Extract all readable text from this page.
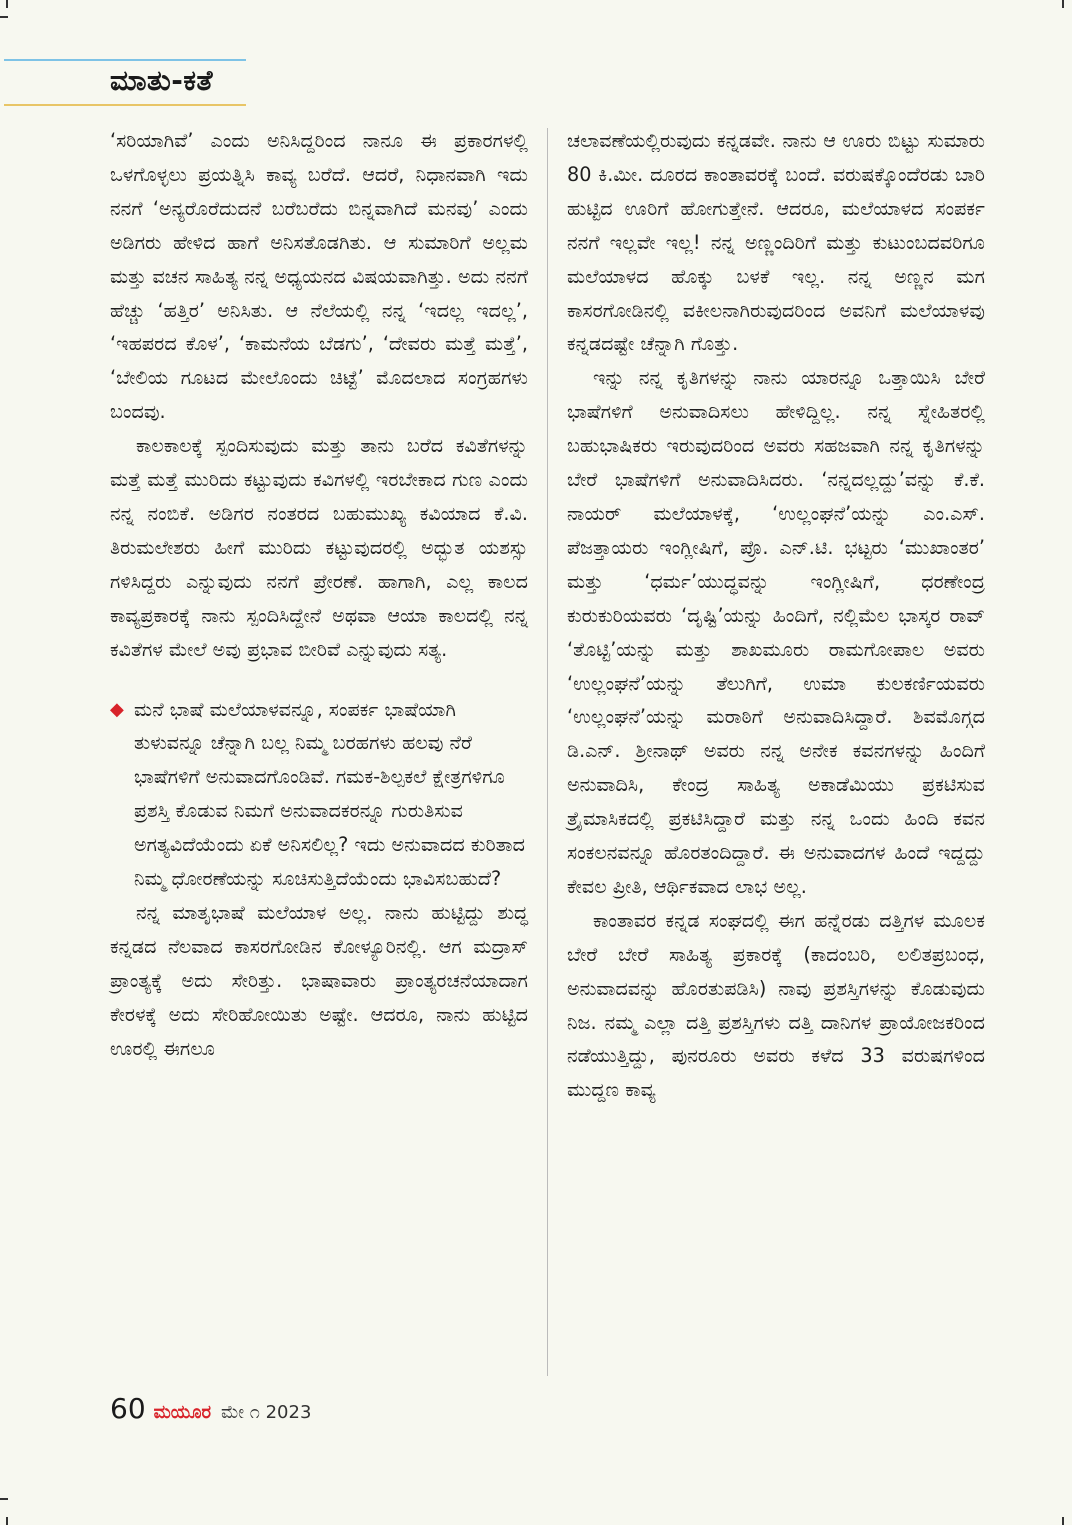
ಮಾತು-ಕತೆ

‘ಸರಿಯಾಗಿವೆ’ ಎಂದು ಅನಿಸಿದ್ದರಿಂದ ನಾನೂ ಈ ಪ್ರಕಾರಗಳಲ್ಲಿ ಒಳಗೊಳ್ಳಲು ಪ್ರಯತ್ನಿಸಿ ಕಾವ್ಯ ಬರೆದೆ. ಆದರೆ, ನಿಧಾನವಾಗಿ ಇದು ನನಗೆ ‘ಅನ್ಯರೊರೆದುದನೆ ಬರೆಬರೆದು ಬಿನ್ನವಾಗಿದೆ ಮನವು’ ಎಂದು ಅಡಿಗರು ಹೇಳಿದ ಹಾಗೆ ಅನಿಸತೊಡಗಿತು. ಆ ಸುಮಾರಿಗೆ ಅಲ್ಲಮ ಮತ್ತು ವಚನ ಸಾಹಿತ್ಯ ನನ್ನ ಅಧ್ಯಯನದ ವಿಷಯವಾಗಿತ್ತು. ಅದು ನನಗೆ ಹೆಚ್ಚು ‘ಹತ್ತಿರ’ ಅನಿಸಿತು. ಆ ನೆಲೆಯಲ್ಲಿ ನನ್ನ ‘ಇದಲ್ಲ ಇದಲ್ಲ’, ‘ಇಹಪರದ ಕೊಳ’, ‘ಕಾಮನೆಯ ಬೆಡಗು’, ‘ದೇವರು ಮತ್ತೆ ಮತ್ತೆ’, ‘ಬೇಲಿಯ ಗೂಟದ ಮೇಲೊಂದು ಚಿಟ್ಟೆ’ ಮೊದಲಾದ ಸಂಗ್ರಹಗಳು ಬಂದವು.

ಕಾಲಕಾಲಕ್ಕೆ ಸ್ಪಂದಿಸುವುದು ಮತ್ತು ತಾನು ಬರೆದ ಕವಿತೆಗಳನ್ನು ಮತ್ತೆ ಮತ್ತೆ ಮುರಿದು ಕಟ್ಟುವುದು ಕವಿಗಳಲ್ಲಿ ಇರಬೇಕಾದ ಗುಣ ಎಂದು ನನ್ನ ನಂಬಿಕೆ. ಅಡಿಗರ ನಂತರದ ಬಹುಮುಖ್ಯ ಕವಿಯಾದ ಕೆ.ವಿ. ತಿರುಮಲೇಶರು ಹೀಗೆ ಮುರಿದು ಕಟ್ಟುವುದರಲ್ಲಿ ಅದ್ಭುತ ಯಶಸ್ಸು ಗಳಿಸಿದ್ದರು ಎನ್ನುವುದು ನನಗೆ ಪ್ರೇರಣೆ. ಹಾಗಾಗಿ, ಎಲ್ಲ ಕಾಲದ ಕಾವ್ಯಪ್ರಕಾರಕ್ಕೆ ನಾನು ಸ್ಪಂದಿಸಿದ್ದೇನೆ ಅಥವಾ ಆಯಾ ಕಾಲದಲ್ಲಿ ನನ್ನ ಕವಿತೆಗಳ ಮೇಲೆ ಅವು ಪ್ರಭಾವ ಬೀರಿವೆ ಎನ್ನುವುದು ಸತ್ಯ.

◆ ಮನೆ ಭಾಷೆ ಮಲೆಯಾಳವನ್ನೂ, ಸಂಪರ್ಕ ಭಾಷೆಯಾಗಿ ತುಳುವನ್ನೂ ಚೆನ್ನಾಗಿ ಬಲ್ಲ ನಿಮ್ಮ ಬರಹಗಳು ಹಲವು ನೆರೆ ಭಾಷೆಗಳಿಗೆ ಅನುವಾದಗೊಂಡಿವೆ. ಗಮಕ-ಶಿಲ್ಪಕಲೆ ಕ್ಷೇತ್ರಗಳಿಗೂ ಪ್ರಶಸ್ತಿ ಕೊಡುವ ನಿಮಗೆ ಅನುವಾದಕರನ್ನೂ ಗುರುತಿಸುವ ಅಗತ್ಯವಿದೆಯೆಂದು ಏಕೆ ಅನಿಸಲಿಲ್ಲ? ಇದು ಅನುವಾದದ ಕುರಿತಾದ ನಿಮ್ಮ ಧೋರಣೆಯನ್ನು ಸೂಚಿಸುತ್ತಿದೆಯೆಂದು ಭಾವಿಸಬಹುದೆ?

ನನ್ನ ಮಾತೃಭಾಷೆ ಮಲೆಯಾಳ ಅಲ್ಲ. ನಾನು ಹುಟ್ಟಿದ್ದು ಶುದ್ಧ ಕನ್ನಡದ ನೆಲವಾದ ಕಾಸರಗೋಡಿನ ಕೋಳ್ಯೂರಿನಲ್ಲಿ. ಆಗ ಮದ್ರಾಸ್ ಪ್ರಾಂತ್ಯಕ್ಕೆ ಅದು ಸೇರಿತ್ತು. ಭಾಷಾವಾರು ಪ್ರಾಂತ್ಯರಚನೆಯಾದಾಗ ಕೇರಳಕ್ಕೆ ಅದು ಸೇರಿಹೋಯಿತು ಅಷ್ಟೇ. ಆದರೂ, ನಾನು ಹುಟ್ಟಿದ ಊರಲ್ಲಿ ಈಗಲೂ

ಚಲಾವಣೆಯಲ್ಲಿರುವುದು ಕನ್ನಡವೇ. ನಾನು ಆ ಊರು ಬಿಟ್ಟು ಸುಮಾರು 80 ಕಿ.ಮೀ. ದೂರದ ಕಾಂತಾವರಕ್ಕೆ ಬಂದೆ. ವರುಷಕ್ಕೊಂದೆರಡು ಬಾರಿ ಹುಟ್ಟಿದ ಊರಿಗೆ ಹೋಗುತ್ತೇನೆ. ಆದರೂ, ಮಲೆಯಾಳದ ಸಂಪರ್ಕ ನನಗೆ ಇಲ್ಲವೇ ಇಲ್ಲ! ನನ್ನ ಅಣ್ಣಂದಿರಿಗೆ ಮತ್ತು ಕುಟುಂಬದವರಿಗೂ ಮಲೆಯಾಳದ ಹೊಕ್ಕು ಬಳಕೆ ಇಲ್ಲ. ನನ್ನ ಅಣ್ಣನ ಮಗ ಕಾಸರಗೋಡಿನಲ್ಲಿ ವಕೀಲನಾಗಿರುವುದರಿಂದ ಅವನಿಗೆ ಮಲೆಯಾಳವು ಕನ್ನಡದಷ್ಟೇ ಚೆನ್ನಾಗಿ ಗೊತ್ತು.

ಇನ್ನು ನನ್ನ ಕೃತಿಗಳನ್ನು ನಾನು ಯಾರನ್ನೂ ಒತ್ತಾಯಿಸಿ ಬೇರೆ ಭಾಷೆಗಳಿಗೆ ಅನುವಾದಿಸಲು ಹೇಳಿದ್ದಿಲ್ಲ. ನನ್ನ ಸ್ನೇಹಿತರಲ್ಲಿ ಬಹುಭಾಷಿಕರು ಇರುವುದರಿಂದ ಅವರು ಸಹಜವಾಗಿ ನನ್ನ ಕೃತಿಗಳನ್ನು ಬೇರೆ ಭಾಷೆಗಳಿಗೆ ಅನುವಾದಿಸಿದರು. ‘ನನ್ನದಲ್ಲದ್ದು’ವನ್ನು ಕೆ.ಕೆ. ನಾಯರ್ ಮಲೆಯಾಳಕ್ಕೆ, ‘ಉಲ್ಲಂಘನೆ’ಯನ್ನು ಎಂ.ಎಸ್. ಪೆಜತ್ತಾಯರು ಇಂಗ್ಲೀಷಿಗೆ, ಪ್ರೊ. ಎನ್.ಟಿ. ಭಟ್ಟರು ‘ಮುಖಾಂತರ’ ಮತ್ತು ‘ಧರ್ಮ’ಯುದ್ಧವನ್ನು ಇಂಗ್ಲೀಷಿಗೆ, ಧರಣೇಂದ್ರ ಕುರುಕುರಿಯವರು ‘ದೃಷ್ಟಿ’ಯನ್ನು ಹಿಂದಿಗೆ, ನಲ್ಲಿಮೆಲ ಭಾಸ್ಕರ ರಾವ್ ‘ತೊಟ್ಟಿ’ಯನ್ನು ಮತ್ತು ಶಾಖಮೂರು ರಾಮಗೋಪಾಲ ಅವರು ‘ಉಲ್ಲಂಘನೆ’ಯನ್ನು ತೆಲುಗಿಗೆ, ಉಮಾ ಕುಲಕರ್ಣಿಯವರು ‘ಉಲ್ಲಂಘನೆ’ಯನ್ನು ಮರಾಠಿಗೆ ಅನುವಾದಿಸಿದ್ದಾರೆ. ಶಿವಮೊಗ್ಗದ ಡಿ.ಎನ್. ಶ್ರೀನಾಥ್ ಅವರು ನನ್ನ ಅನೇಕ ಕವನಗಳನ್ನು ಹಿಂದಿಗೆ ಅನುವಾದಿಸಿ, ಕೇಂದ್ರ ಸಾಹಿತ್ಯ ಅಕಾಡೆಮಿಯು ಪ್ರಕಟಿಸುವ ತ್ರೈಮಾಸಿಕದಲ್ಲಿ ಪ್ರಕಟಿಸಿದ್ದಾರೆ ಮತ್ತು ನನ್ನ ಒಂದು ಹಿಂದಿ ಕವನ ಸಂಕಲನವನ್ನೂ ಹೊರತಂದಿದ್ದಾರೆ. ಈ ಅನುವಾದಗಳ ಹಿಂದೆ ಇದ್ದದ್ದು ಕೇವಲ ಪ್ರೀತಿ, ಆರ್ಥಿಕವಾದ ಲಾಭ ಅಲ್ಲ.

ಕಾಂತಾವರ ಕನ್ನಡ ಸಂಘದಲ್ಲಿ ಈಗ ಹನ್ನೆರಡು ದತ್ತಿಗಳ ಮೂಲಕ ಬೇರೆ ಬೇರೆ ಸಾಹಿತ್ಯ ಪ್ರಕಾರಕ್ಕೆ (ಕಾದಂಬರಿ, ಲಲಿತಪ್ರಬಂಧ, ಅನುವಾದವನ್ನು ಹೊರತುಪಡಿಸಿ) ನಾವು ಪ್ರಶಸ್ತಿಗಳನ್ನು ಕೊಡುವುದು ನಿಜ. ನಮ್ಮ ಎಲ್ಲಾ ದತ್ತಿ ಪ್ರಶಸ್ತಿಗಳು ದತ್ತಿ ದಾನಿಗಳ ಪ್ರಾಯೋಜಕರಿಂದ ನಡೆಯುತ್ತಿದ್ದು, ಪುನರೂರು ಅವರು ಕಳೆದ 33 ವರುಷಗಳಿಂದ ಮುದ್ದಣ ಕಾವ್ಯ

60 ಮಯೂರ ಮೇ ೧ 2023
